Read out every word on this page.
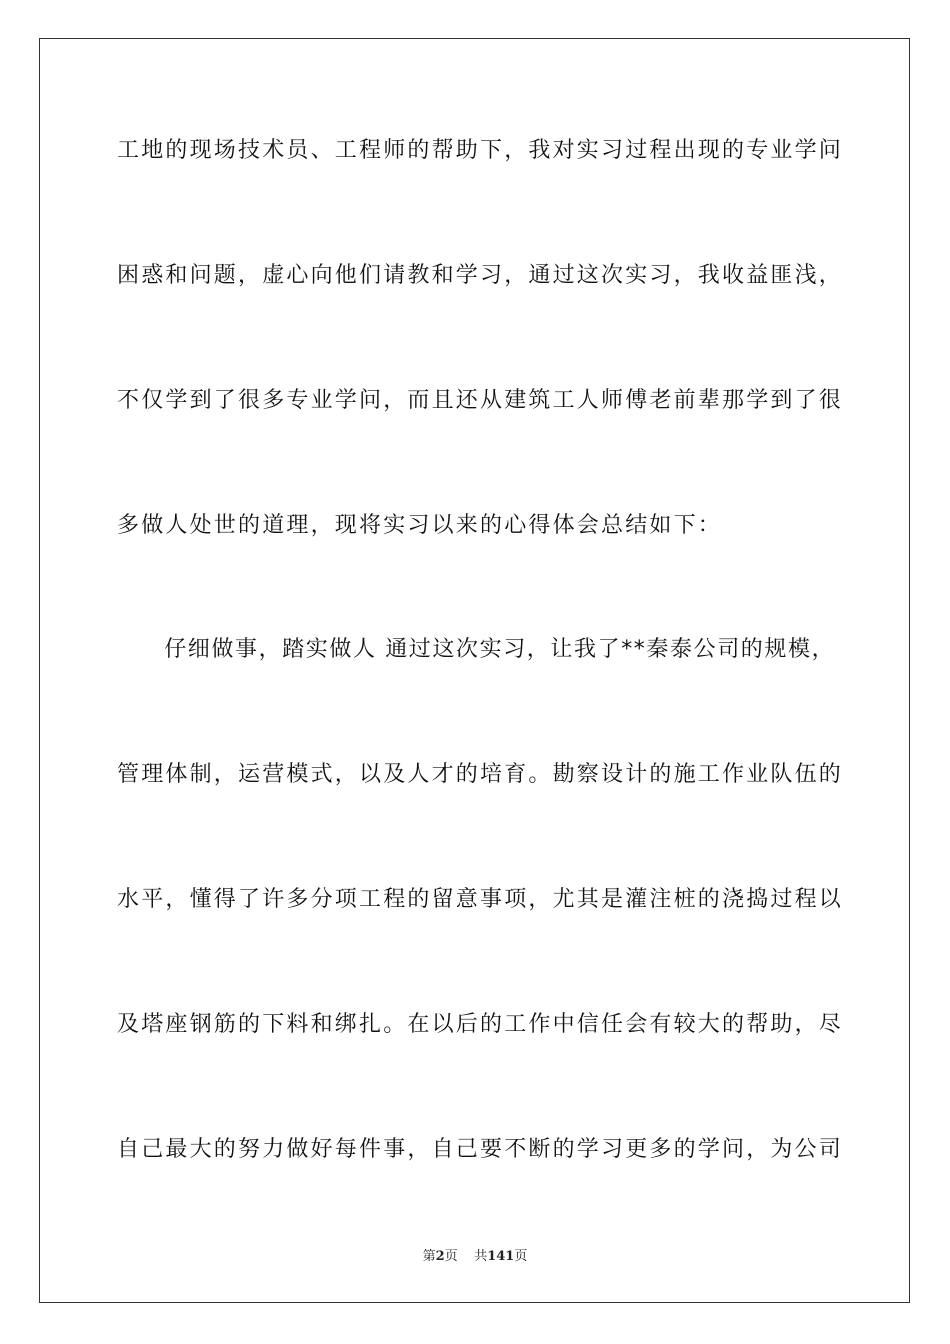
工地的现场技术员、工程师的帮助下，我对实习过程出现的专业学问
困惑和问题，虚心向他们请教和学习，通过这次实习，我收益匪浅，
不仅学到了很多专业学问，而且还从建筑工人师傅老前辈那学到了很
多做人处世的道理，现将实习以来的心得体会总结如下：
　　仔细做事，踏实做人 通过这次实习，让我了**秦泰公司的规模，
管理体制，运营模式，以及人才的培育。勘察设计的施工作业队伍的
水平，懂得了许多分项工程的留意事项，尤其是灌注桩的浇捣过程以
及塔座钢筋的下料和绑扎。在以后的工作中信任会有较大的帮助，尽
自己最大的努力做好每件事，自己要不断的学习更多的学问，为公司
第2页    共141页
